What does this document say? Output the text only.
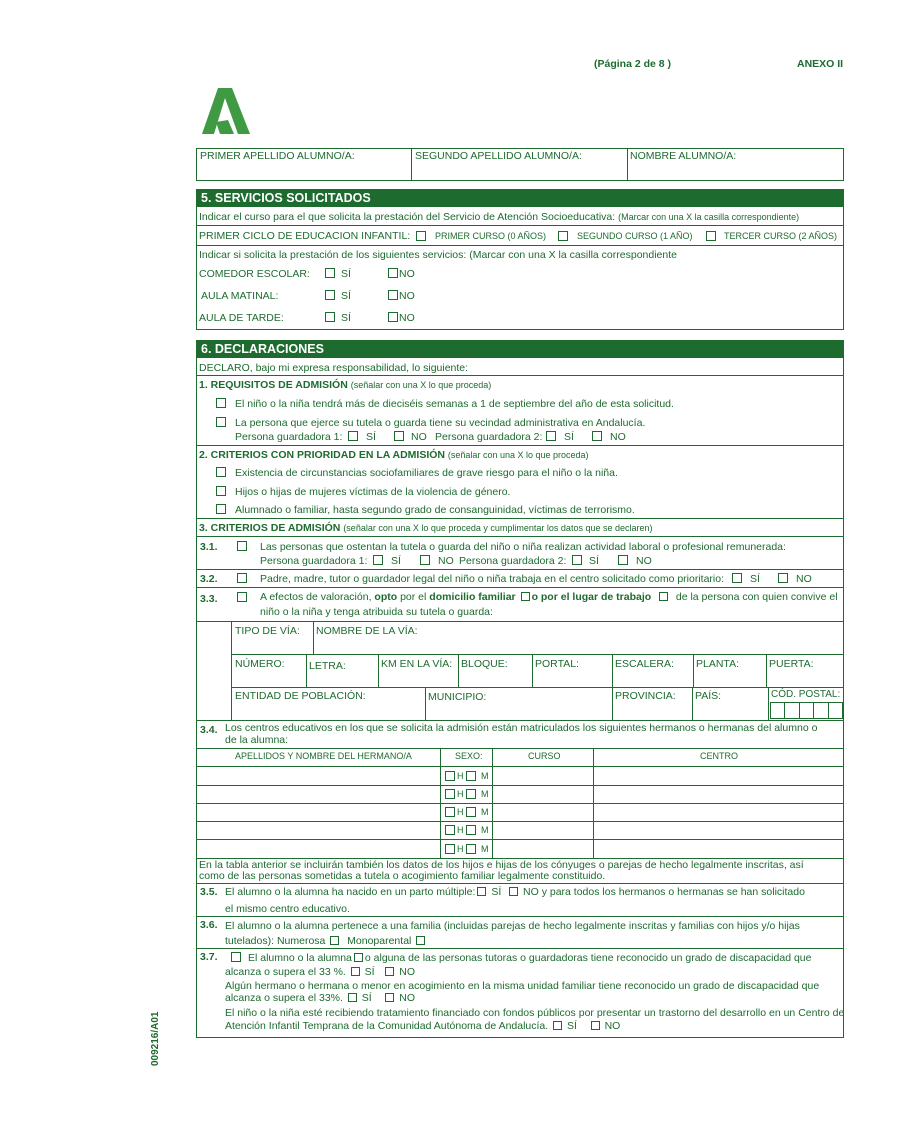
(Página 2 de 8 )	ANEXO II
009216/A01
PRIMER APELLIDO ALUMNO/A:	SEGUNDO APELLIDO ALUMNO/A:	NOMBRE ALUMNO/A:
5. SERVICIOS SOLICITADOS
Indicar el curso para el que solicita la prestación del Servicio de Atención Socioeducativa: (Marcar con una X la casilla correspondiente)
PRIMER CICLO DE EDUCACION INFANTIL:	PRIMER CURSO (0 AÑOS)	SEGUNDO CURSO (1 AÑO)	TERCER CURSO (2 AÑOS)
Indicar si solicita la prestación de los siguientes servicios: (Marcar con una X la casilla correspondiente
COMEDOR ESCOLAR:	SÍ	NO
AULA MATINAL:	SÍ	NO
AULA DE TARDE:	SÍ	NO
6. DECLARACIONES
DECLARO, bajo mi expresa responsabilidad, lo siguiente:
1. REQUISITOS DE ADMISIÓN (señalar con una X lo que proceda)
El niño o la niña tendrá más de dieciséis semanas a 1 de septiembre del año de esta solicitud.
La persona que ejerce su tutela o guarda tiene su vecindad administrativa en Andalucía.
Persona guardadora 1: SÍ	NO Persona guardadora 2: SÍ	NO
2. CRITERIOS CON PRIORIDAD EN LA ADMISIÓN (señalar con una X lo que proceda)
Existencia de circunstancias sociofamiliares de grave riesgo para el niño o la niña.
Hijos o hijas de mujeres víctimas de la violencia de género.
Alumnado o familiar, hasta segundo grado de consanguinidad, víctimas de terrorismo.
3. CRITERIOS DE ADMISIÓN (señalar con una X lo que proceda y cumplimentar los datos que se declaren)
3.1.	Las personas que ostentan la tutela o guarda del niño o niña realizan actividad laboral o profesional remunerada:
Persona guardadora 1: SÍ	NO Persona guardadora 2: SÍ	NO
3.2.	Padre, madre, tutor o guardador legal del niño o niña trabaja en el centro solicitado como prioritario: SÍ	NO
3.3.	A efectos de valoración, opto por el domicilio familiar o por el lugar de trabajo de la persona con quien convive el
niño o la niña y tenga atribuida su tutela o guarda:
TIPO DE VÍA: NOMBRE DE LA VÍA:
NÚMERO: LETRA:	KM EN LA VÍA: BLOQUE:	PORTAL:	ESCALERA: PLANTA:	PUERTA:
ENTIDAD DE POBLACIÓN:	MUNICIPIO:	PROVINCIA: PAÍS:	CÓD. POSTAL:
3.4. Los centros educativos en los que se solicita la admisión están matriculados los siguientes hermanos o hermanas del alumno o
de la alumna:
APELLIDOS Y NOMBRE DEL HERMANO/A	SEXO:	CURSO	CENTRO
H M
H M
H M
H M
H M
En la tabla anterior se incluirán también los datos de los hijos e hijas de los cónyuges o parejas de hecho legalmente inscritas, así
como de las personas sometidas a tutela o acogimiento familiar legalmente constituido.
3.5. El alumno o la alumna ha nacido en un parto múltiple: SÍ NO y para todos los hermanos o hermanas se han solicitado
el mismo centro educativo.
3.6. El alumno o la alumna pertenece a una familia (incluidas parejas de hecho legalmente inscritas y familias con hijos y/o hijas
tutelados): Numerosa Monoparental
3.7.	El alumno o la alumna o alguna de las personas tutoras o guardadoras tiene reconocido un grado de discapacidad que
alcanza o supera el 33 %. SÍ NO
Algún hermano o hermana o menor en acogimiento en la misma unidad familiar tiene reconocido un grado de discapacidad que
alcanza o supera el 33%. SÍ	NO
El niño o la niña esté recibiendo tratamiento financiado con fondos públicos por presentar un trastorno del desarrollo en un Centro de
Atención Infantil Temprana de la Comunidad Autónoma de Andalucía. SÍ	NO
